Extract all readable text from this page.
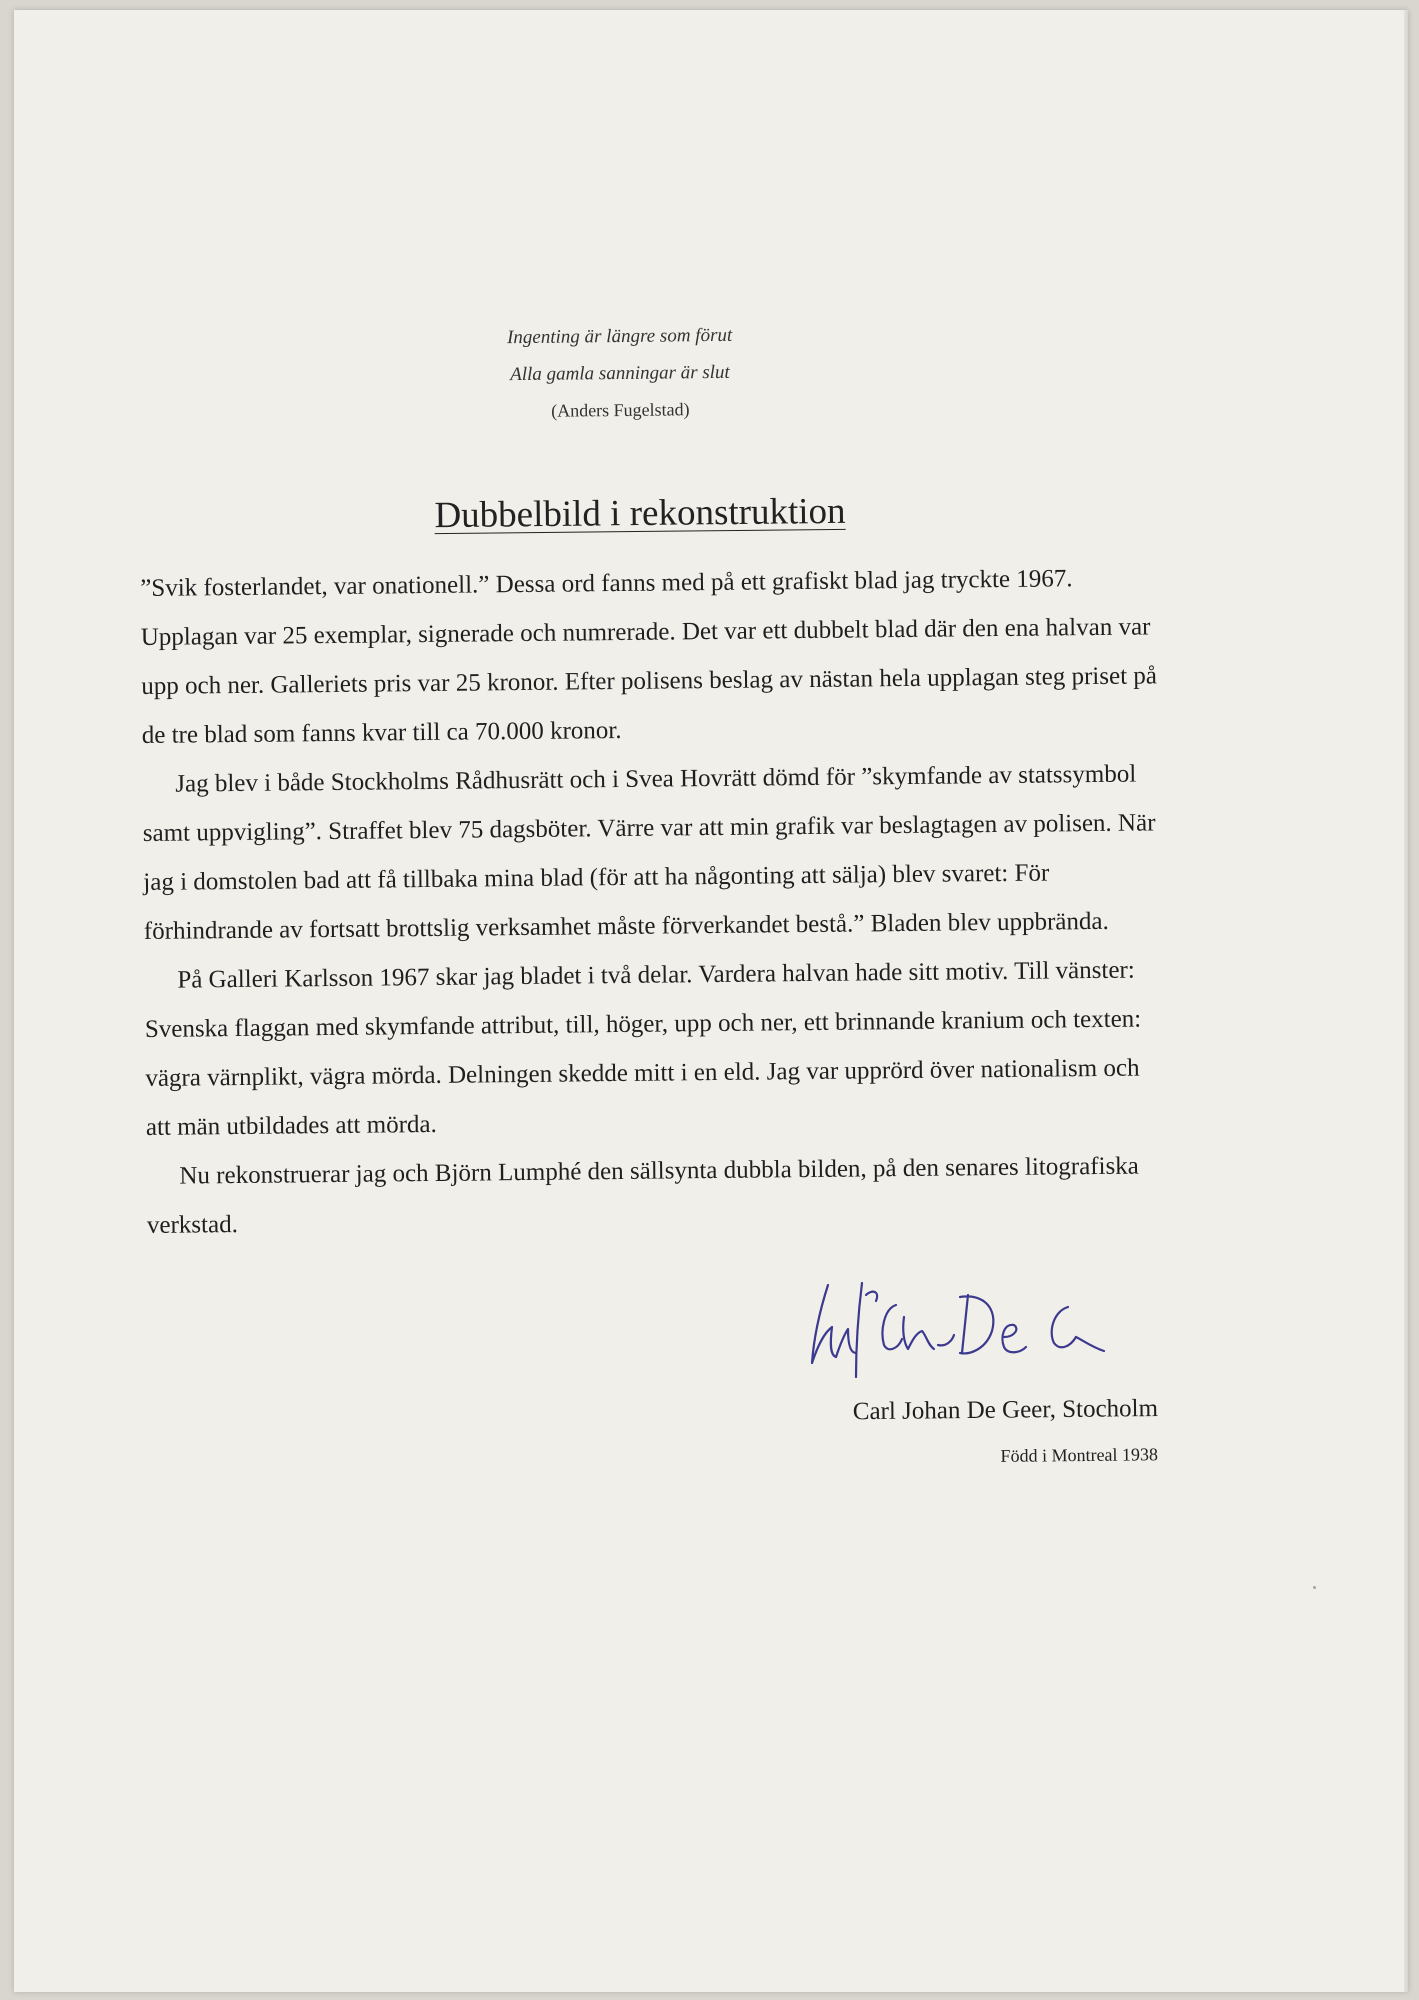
Ingenting är längre som förut
Alla gamla sanningar är slut
(Anders Fugelstad)
Dubbelbild i rekonstruktion

”Svik fosterlandet, var onationell.” Dessa ord fanns med på ett grafiskt blad jag tryckte 1967. Upplagan var 25 exemplar, signerade och numrerade. Det var ett dubbelt blad där den ena halvan var upp och ner. Galleriets pris var 25 kronor. Efter polisens beslag av nästan hela upplagan steg priset på de tre blad som fanns kvar till ca 70.000 kronor.

Jag blev i både Stockholms Rådhusrätt och i Svea Hovrätt dömd för ”skymfande av statssymbol samt uppvigling”. Straffet blev 75 dagsböter. Värre var att min grafik var beslagtagen av polisen. När jag i domstolen bad att få tillbaka mina blad (för att ha någonting att sälja) blev svaret: För förhindrande av fortsatt brottslig verksamhet måste förverkandet bestå.” Bladen blev uppbrända.

På Galleri Karlsson 1967 skar jag bladet i två delar. Vardera halvan hade sitt motiv. Till vänster: Svenska flaggan med skymfande attribut, till, höger, upp och ner, ett brinnande kranium och texten: vägra värnplikt, vägra mörda. Delningen skedde mitt i en eld. Jag var upprörd över nationalism och att män utbildades att mörda.

Nu rekonstruerar jag och Björn Lumphé den sällsynta dubbla bilden, på den senares litografiska verkstad.

Carl Johan De Geer, Stocholm
Född i Montreal 1938
